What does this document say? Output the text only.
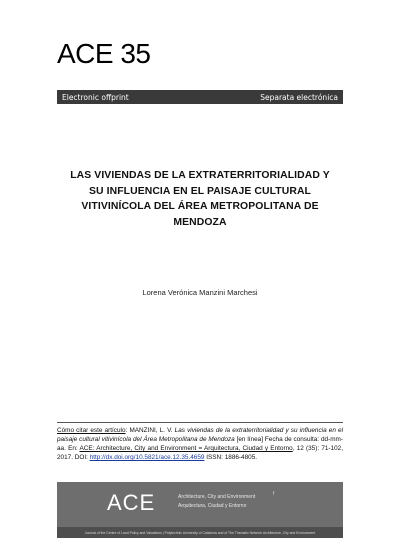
ACE 35
Electronic offprint	Separata electrónica
LAS VIVIENDAS DE LA EXTRATERRITORIALIDAD Y
SU INFLUENCIA EN EL PAISAJE CULTURAL
VITIVINÍCOLA DEL ÁREA METROPOLITANA DE
MENDOZA
Lorena Verónica Manzini Marchesi
Cómo citar este artículo: MANZINI, L. V. Las viviendas de la extraterritorialidad y su influencia en el paisaje cultural vitivinícola del Área Metropolitana de Mendoza [en línea] Fecha de consulta: dd-mm-aa. En: ACE: Architecture, City and Environment = Arquitectura, Ciudad y Entorno, 12 (35): 71-102, 2017. DOI: http://dx.doi.org/10.5821/ace.12.35.4659 ISSN: 1886-4805.
ACE	Architecture, City and Environment
Arquitectura, Ciudad y Entorno
f
Journal of the Centre of Land Policy and Valuations | Polytechnic University of Catalonia and of The Thematic Network Architecture, City and Environment
